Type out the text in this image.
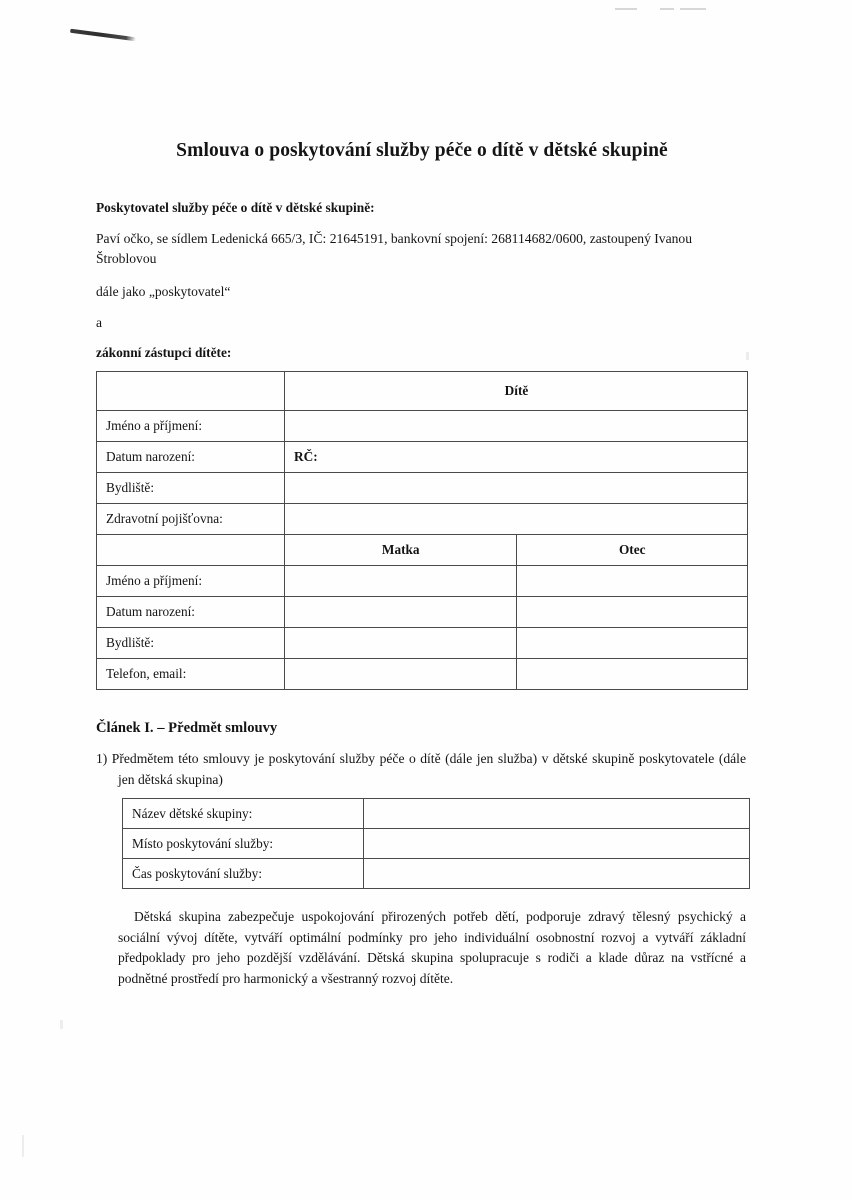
Smlouva o poskytování služby péče o dítě v dětské skupině
Poskytovatel služby péče o dítě v dětské skupině:
Paví očko, se sídlem Ledenická 665/3, IČ: 21645191, bankovní spojení: 268114682/0600, zastoupený Ivanou Štroblovou
dále jako „poskytovatel“
a
zákonní zástupci dítěte:
	Dítě	
Jméno a příjmení:		
Datum narození:	RČ:	
Bydliště:		
Zdravotní pojišťovna:		
	Matka	Otec
Jméno a příjmení:		
Datum narození:		
Bydliště:		
Telefon, email:		
Článek I. – Předmět smlouvy
1) Předmětem této smlouvy je poskytování služby péče o dítě (dále jen služba) v dětské skupině poskytovatele (dále jen dětská skupina)
Název dětské skupiny:	
Místo poskytování služby:	
Čas poskytování služby:	
Dětská skupina zabezpečuje uspokojování přirozených potřeb dětí, podporuje zdravý tělesný psychický a sociální vývoj dítěte, vytváří optimální podmínky pro jeho individuální osobnostní rozvoj a vytváří základní předpoklady pro jeho pozdější vzdělávání. Dětská skupina spolupracuje s rodiči a klade důraz na vstřícné a podnětné prostředí pro harmonický a všestranný rozvoj dítěte.
